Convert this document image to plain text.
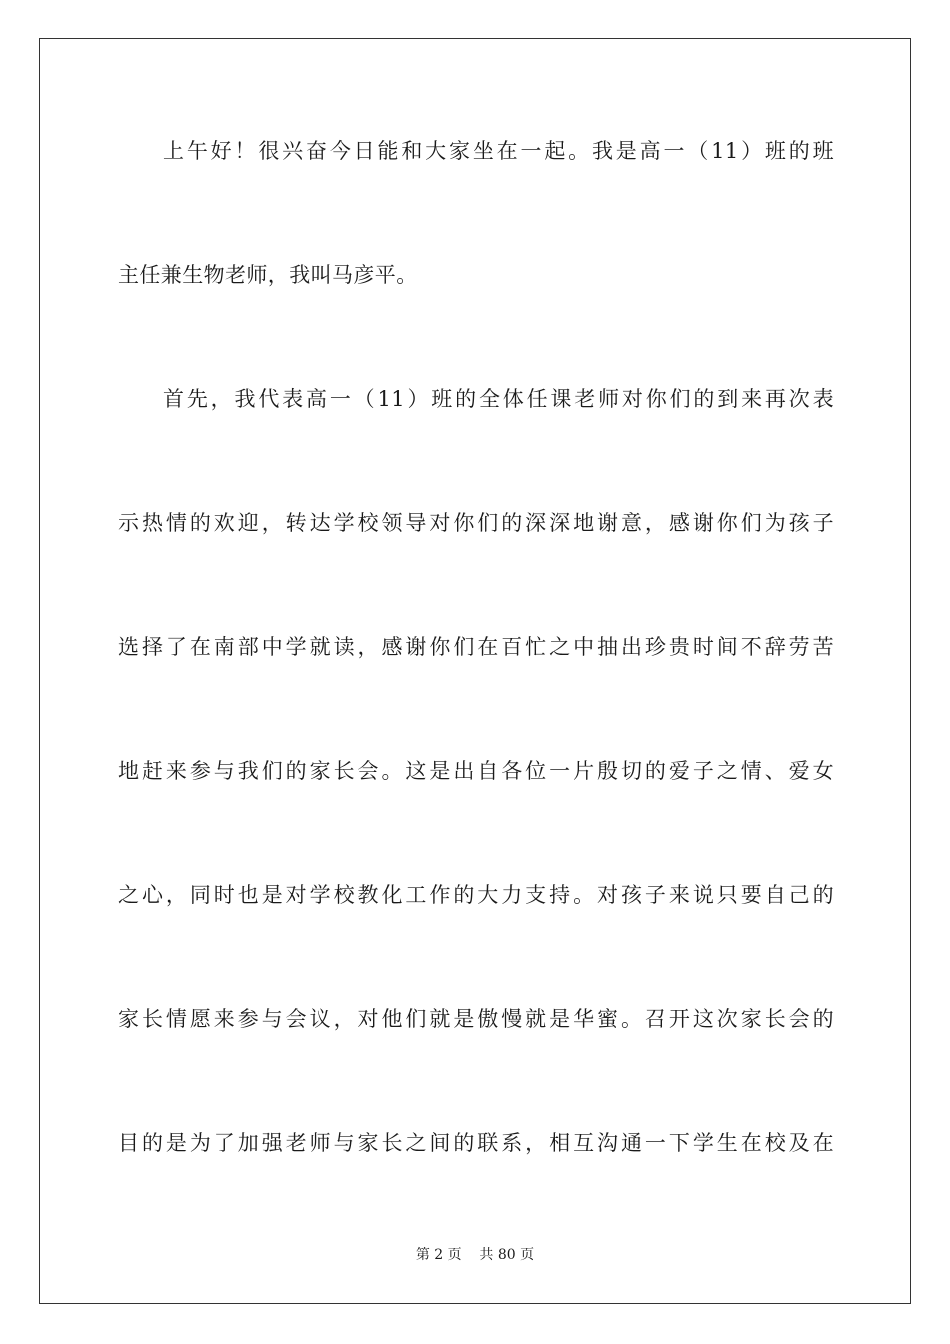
上午好！很兴奋今日能和大家坐在一起。我是高一（11）班的班
主任兼生物老师，我叫马彦平。
首先，我代表高一（11）班的全体任课老师对你们的到来再次表
示热情的欢迎，转达学校领导对你们的深深地谢意，感谢你们为孩子
选择了在南部中学就读，感谢你们在百忙之中抽出珍贵时间不辞劳苦
地赶来参与我们的家长会。这是出自各位一片殷切的爱子之情、爱女
之心，同时也是对学校教化工作的大力支持。对孩子来说只要自己的
家长情愿来参与会议，对他们就是傲慢就是华蜜。召开这次家长会的
目的是为了加强老师与家长之间的联系，相互沟通一下学生在校及在
第 2 页    共 80 页
